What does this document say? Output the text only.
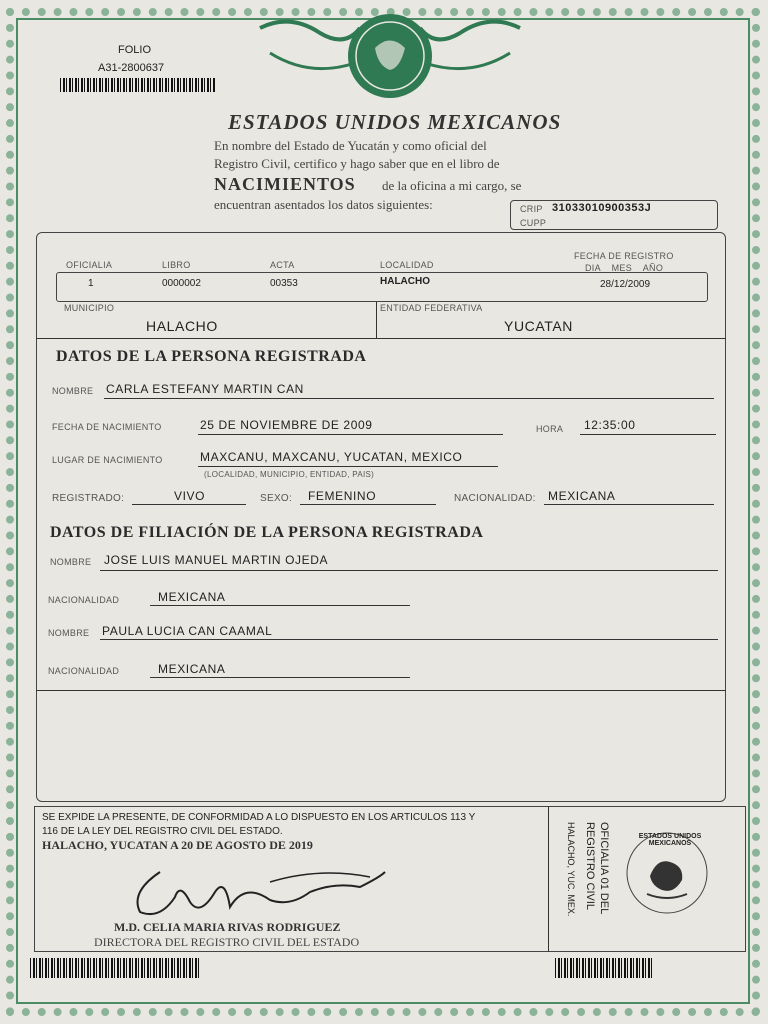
FOLIO
A31-2800637
ESTADOS UNIDOS MEXICANOS
En nombre del Estado de Yucatán y como oficial del
Registro Civil, certifico y hago saber que en el libro de
NACIMIENTOS de la oficina a mi cargo, se
encuentran asentados los datos siguientes:	CRIP 31033010900353J
CUPP
OFICIALIA
1
LIBRO
0000002
ACTA
00353
LOCALIDAD
HALACHO
FECHA DE REGISTRO
DIA    MES    AÑO
28/12/2009
MUNICIPIO
HALACHO
ENTIDAD FEDERATIVA
YUCATAN
DATOS DE LA PERSONA REGISTRADA
NOMBRE CARLA ESTEFANY MARTIN CAN
FECHA DE NACIMIENTO	25 DE NOVIEMBRE DE 2009	HORA 12:35:00
LUGAR DE NACIMIENTO	MAXCANU, MAXCANU, YUCATAN, MEXICO
(LOCALIDAD, MUNICIPIO, ENTIDAD, PAIS)
REGISTRADO:	VIVO	SEXO: FEMENINO	NACIONALIDAD: MEXICANA
DATOS DE FILIACIÓN DE LA PERSONA REGISTRADA
NOMBRE JOSE LUIS MANUEL MARTIN OJEDA
NACIONALIDAD	MEXICANA
NOMBRE PAULA LUCIA CAN CAAMAL
NACIONALIDAD	MEXICANA
SE EXPIDE LA PRESENTE, DE CONFORMIDAD A LO DISPUESTO EN LOS ARTICULOS 113 Y
116 DE LA LEY DEL REGISTRO CIVIL DEL ESTADO.
HALACHO, YUCATAN A 20 DE AGOSTO DE 2019
M.D. CELIA MARIA RIVAS RODRIGUEZ
DIRECTORA DEL REGISTRO CIVIL DEL ESTADO
OFICIALIA 01 DEL
REGISTRO CIVIL
HALACHO, YUC. MEX.	ESTADOS UNIDOS MEXICANOS
